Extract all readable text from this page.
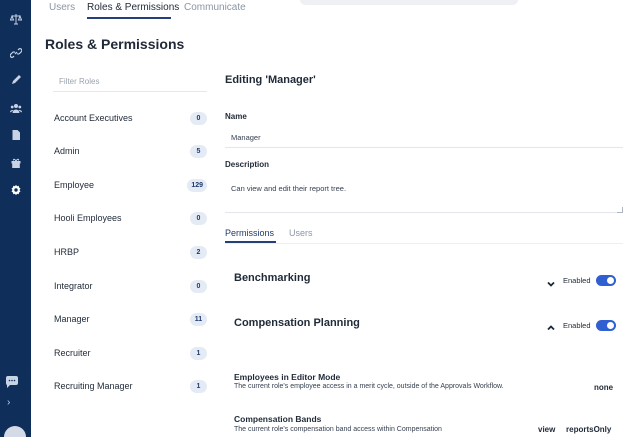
›
Users Roles & Permissions Communicate
Roles & Permissions
Filter Roles
Account Executives	0
Admin	5
Employee	129
Hooli Employees	0
HRBP	2
Integrator	0
Manager	11
Recruiter	1
Recruiting Manager	1
Editing 'Manager'
Name
Manager
Description
Can view and edit their report tree.
Permissions Users
Benchmarking	Enabled
Compensation Planning	Enabled
Employees in Editor Mode
The current role's employee access in a merit cycle, outside of the Approvals Workflow.	none
Compensation Bands
The current role's compensation band access within Compensation	view reportsOnly
